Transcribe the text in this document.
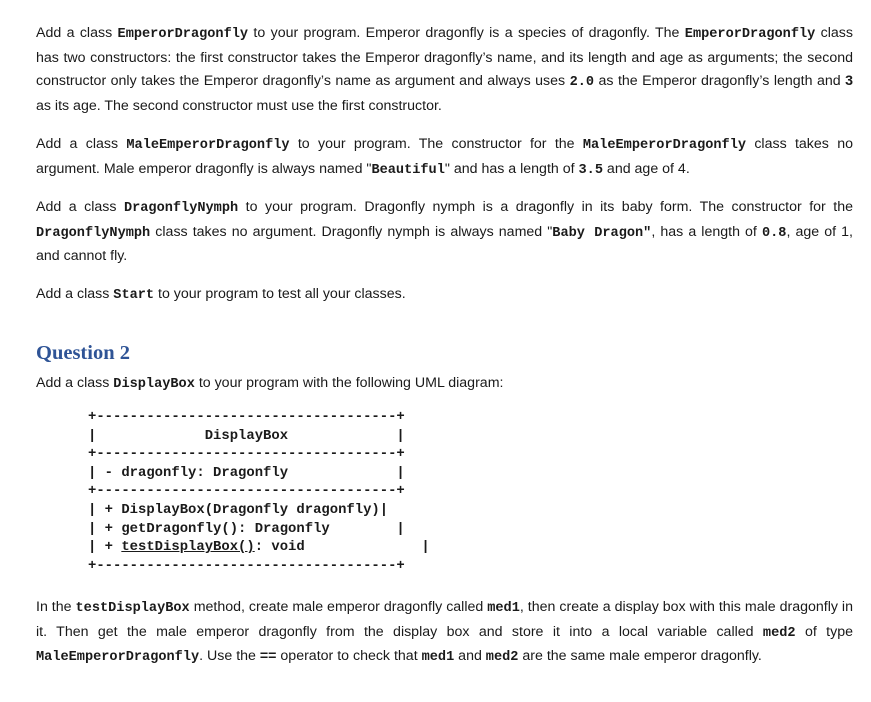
Add a class EmperorDragonfly to your program. Emperor dragonfly is a species of dragonfly. The EmperorDragonfly class has two constructors: the first constructor takes the Emperor dragonfly’s name, and its length and age as arguments; the second constructor only takes the Emperor dragonfly’s name as argument and always uses 2.0 as the Emperor dragonfly’s length and 3 as its age. The second constructor must use the first constructor.

Add a class MaleEmperorDragonfly to your program. The constructor for the MaleEmperorDragonfly class takes no argument. Male emperor dragonfly is always named "Beautiful" and has a length of 3.5 and age of 4.

Add a class DragonflyNymph to your program. Dragonfly nymph is a dragonfly in its baby form. The constructor for the DragonflyNymph class takes no argument. Dragonfly nymph is always named "Baby Dragon", has a length of 0.8, age of 1, and cannot fly.

Add a class Start to your program to test all your classes.

Question 2

Add a class DisplayBox to your program with the following UML diagram:

+------------------------------------+
|             DisplayBox             |
+------------------------------------+
| - dragonfly: Dragonfly             |
+------------------------------------+
| + DisplayBox(Dragonfly dragonfly)|
| + getDragonfly(): Dragonfly        |
| + testDisplayBox(): void              |
+------------------------------------+

In the testDisplayBox method, create male emperor dragonfly called med1, then create a display box with this male dragonfly in it. Then get the male emperor dragonfly from the display box and store it into a local variable called med2 of type MaleEmperorDragonfly. Use the == operator to check that med1 and med2 are the same male emperor dragonfly.
